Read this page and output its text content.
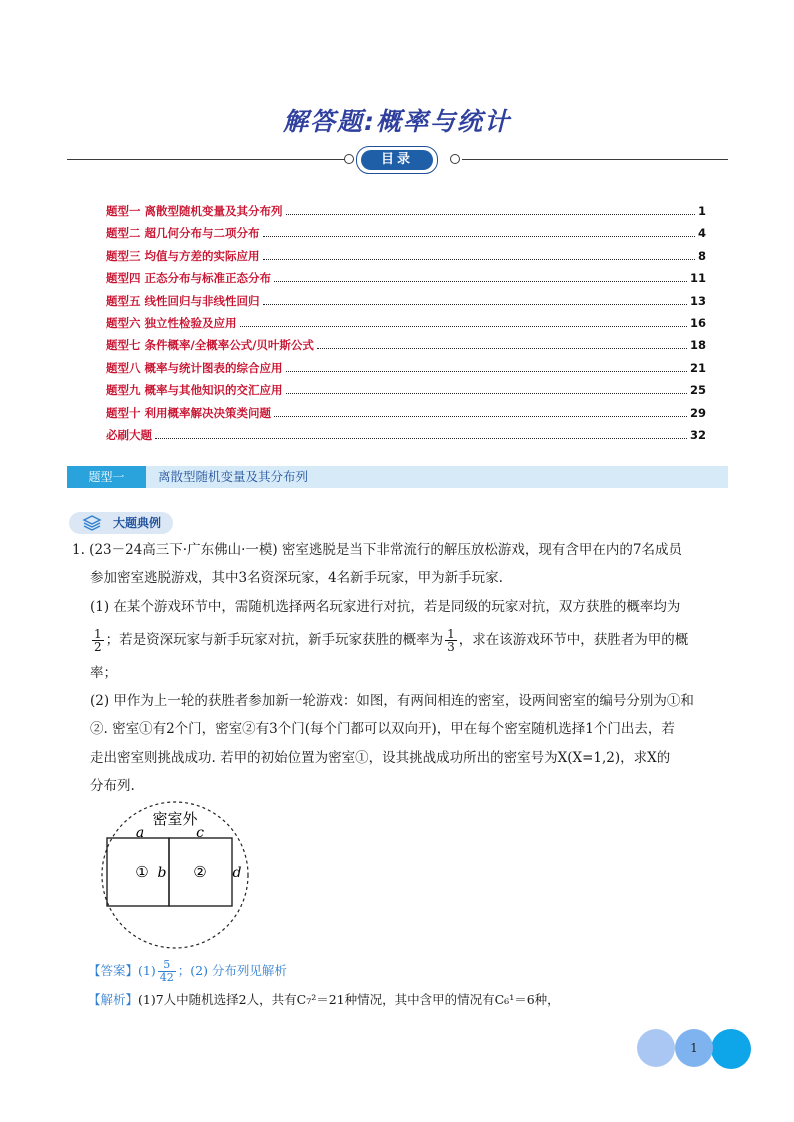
解答题:概率与统计
目录
题型一 离散型随机变量及其分布列	1
题型二 超几何分布与二项分布	4
题型三 均值与方差的实际应用	8
题型四 正态分布与标准正态分布	11
题型五 线性回归与非线性回归	13
题型六 独立性检验及应用	16
题型七 条件概率/全概率公式/贝叶斯公式	18
题型八 概率与统计图表的综合应用	21
题型九 概率与其他知识的交汇应用	25
题型十 利用概率解决决策类问题	29
必刷大题	32
题型一	离散型随机变量及其分布列
大题典例

1. (23－24高三下·广东佛山·一模) 密室逃脱是当下非常流行的解压放松游戏，现有含甲在内的7名成员

参加密室逃脱游戏，其中3名资深玩家，4名新手玩家，甲为新手玩家.

(1) 在某个游戏环节中，需随机选择两名玩家进行对抗，若是同级的玩家对抗，双方获胜的概率均为

$\frac{1}{2}$ ；若是资深玩家与新手玩家对抗，新手玩家获胜的概率为 $\frac{1}{3}$ ，求在该游戏环节中，获胜者为甲的概

率；

(2) 甲作为上一轮的获胜者参加新一轮游戏：如图，有两间相连的密室，设两间密室的编号分别为①和

②. 密室①有2个门，密室②有3个门(每个门都可以双向开)，甲在每个密室随机选择1个门出去，若

走出密室则挑战成功. 若甲的初始位置为密室①，设其挑战成功所出的密室号为X(X=1,2)，求X的

分布列.

密室外
a	c
① b ② d
【答案】$(1) \frac{5}{42}$ ；(2) 分布列见解析
【解析】(1)7人中随机选择2人，共有C₇²＝21种情况，其中含甲的情况有C₆¹＝6种，
1
